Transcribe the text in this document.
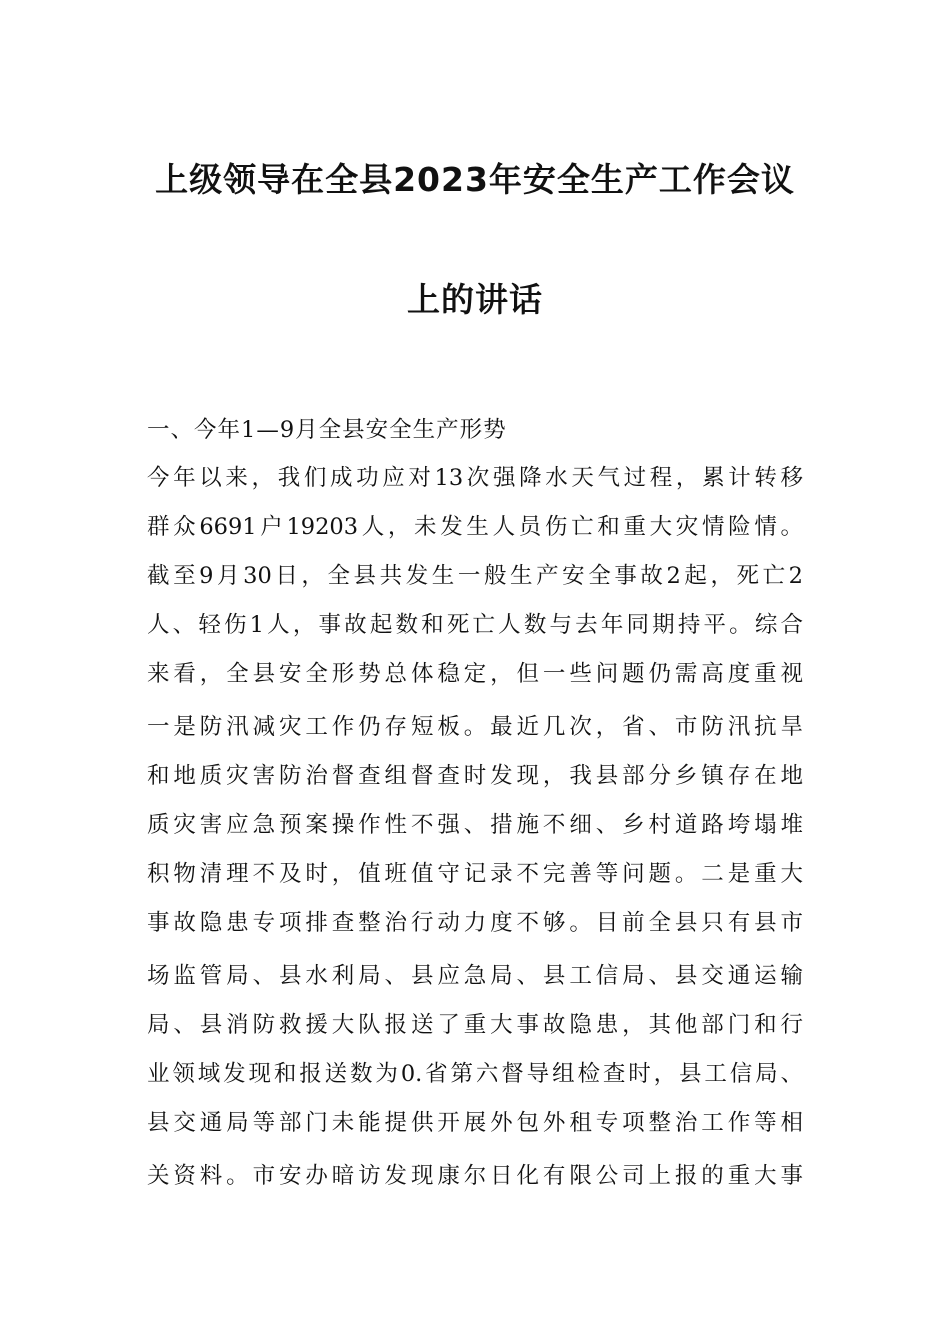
上级领导在全县2023年安全生产工作会议
上的讲话
一、今年1—9月全县安全生产形势
今年以来，我们成功应对13次强降水天气过程，累计转移
群众6691户19203人，未发生人员伤亡和重大灾情险情。
截至9月30日，全县共发生一般生产安全事故2起，死亡2
人、轻伤1人，事故起数和死亡人数与去年同期持平。综合
来看，全县安全形势总体稳定，但一些问题仍需高度重视
一是防汛减灾工作仍存短板。最近几次，省、市防汛抗旱
和地质灾害防治督查组督查时发现，我县部分乡镇存在地
质灾害应急预案操作性不强、措施不细、乡村道路垮塌堆
积物清理不及时，值班值守记录不完善等问题。二是重大
事故隐患专项排查整治行动力度不够。目前全县只有县市
场监管局、县水利局、县应急局、县工信局、县交通运输
局、县消防救援大队报送了重大事故隐患，其他部门和行
业领域发现和报送数为0.省第六督导组检查时，县工信局、
县交通局等部门未能提供开展外包外租专项整治工作等相
关资料。市安办暗访发现康尔日化有限公司上报的重大事
